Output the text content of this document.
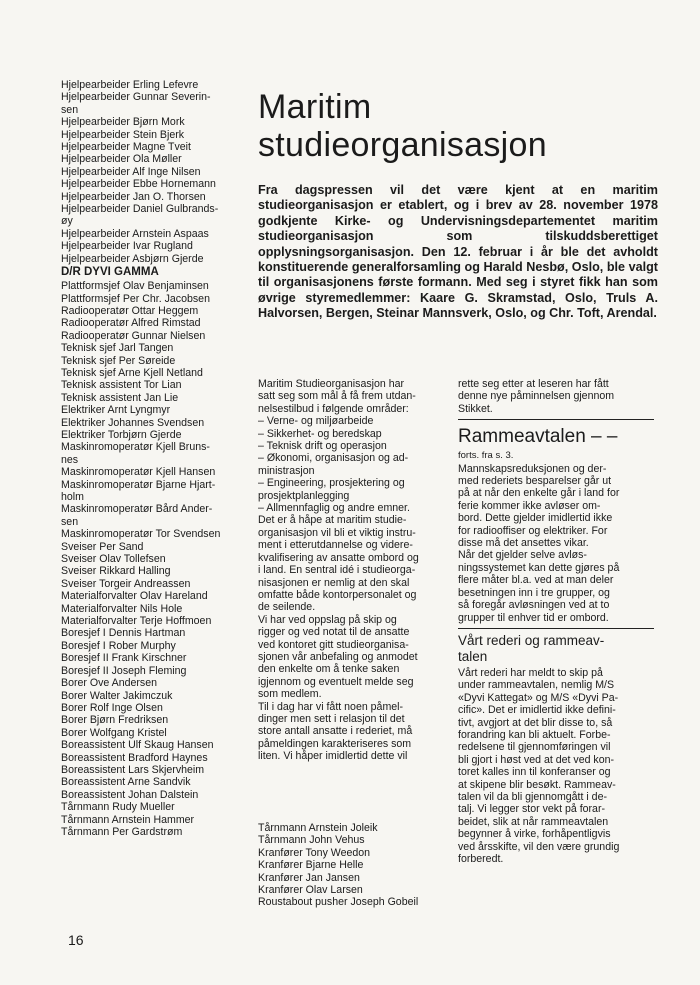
Hjelpearbeider Erling Lefevre
Hjelpearbeider Gunnar Severin-
sen
Hjelpearbeider Bjørn Mork
Hjelpearbeider Stein Bjerk
Hjelpearbeider Magne Tveit
Hjelpearbeider Ola Møller
Hjelpearbeider Alf Inge Nilsen
Hjelpearbeider Ebbe Hornemann
Hjelpearbeider Jan O. Thorsen
Hjelpearbeider Daniel Gulbrands-
øy
Hjelpearbeider Arnstein Aspaas
Hjelpearbeider Ivar Rugland
Hjelpearbeider Asbjørn Gjerde
D/R DYVI GAMMA
Plattformsjef Olav Benjaminsen
Plattformsjef Per Chr. Jacobsen
Radiooperatør Ottar Heggem
Radiooperatør Alfred Rimstad
Radiooperatør Gunnar Nielsen
Teknisk sjef Jarl Tangen
Teknisk sjef Per Søreide
Teknisk sjef Arne Kjell Netland
Teknisk assistent Tor Lian
Teknisk assistent Jan Lie
Elektriker Arnt Lyngmyr
Elektriker Johannes Svendsen
Elektriker Torbjørn Gjerde
Maskinromoperatør Kjell Bruns-
nes
Maskinromoperatør Kjell Hansen
Maskinromoperatør Bjarne Hjart-
holm
Maskinromoperatør Bård Ander-
sen
Maskinromoperatør Tor Svendsen
Sveiser Per Sand
Sveiser Olav Tollefsen
Sveiser Rikkard Halling
Sveiser Torgeir Andreassen
Materialforvalter Olav Hareland
Materialforvalter Nils Hole
Materialforvalter Terje Hoffmoen
Boresjef I Dennis Hartman
Boresjef I Rober Murphy
Boresjef II Frank Kirschner
Boresjef II Joseph Fleming
Borer Ove Andersen
Borer Walter Jakimczuk
Borer Rolf Inge Olsen
Borer Bjørn Fredriksen
Borer Wolfgang Kristel
Boreassistent Ulf Skaug Hansen
Boreassistent Bradford Haynes
Boreassistent Lars Skjervheim
Boreassistent Arne Sandvik
Boreassistent Johan Dalstein
Tårnmann Rudy Mueller
Tårnmann Arnstein Hammer
Tårnmann Per Gardstrøm
Maritim
studieorganisasjon
Fra dagspressen vil det være kjent at en maritim studieorganisasjon er etablert, og i brev av 28. november 1978 godkjente Kirke- og Undervisningsdepartementet maritim studieorganisasjon som tilskuddsberettiget opplysningsorganisasjon. Den 12. februar i år ble det avholdt konstituerende generalforsamling og Harald Nesbø, Oslo, ble valgt til organisasjonens første formann. Med seg i styret fikk han som øvrige styremedlemmer: Kaare G. Skramstad, Oslo, Truls A. Halvorsen, Bergen, Steinar Mannsverk, Oslo, og Chr. Toft, Arendal.
Maritim Studieorganisasjon har
satt seg som mål å få frem utdan-
nelsestilbud i følgende områder:
– Verne- og miljøarbeide
– Sikkerhet- og beredskap
– Teknisk drift og operasjon
– Økonomi, organisasjon og ad-
ministrasjon
– Engineering, prosjektering og
prosjektplanlegging
– Allmennfaglig og andre emner.
Det er å håpe at maritim studie-
organisasjon vil bli et viktig instru-
ment i etterutdannelse og videre-
kvalifisering av ansatte ombord og
i land. En sentral idé i studieorga-
nisasjonen er nemlig at den skal
omfatte både kontorpersonalet og
de seilende.
Vi har ved oppslag på skip og
rigger og ved notat til de ansatte
ved kontoret gitt studieorganisa-
sjonen vår anbefaling og anmodet
den enkelte om å tenke saken
igjennom og eventuelt melde seg
som medlem.
Til i dag har vi fått noen påmel-
dinger men sett i relasjon til det
store antall ansatte i rederiet, må
påmeldingen karakteriseres som
liten. Vi håper imidlertid dette vil
rette seg etter at leseren har fått
denne nye påminnelsen gjennom
Stikket.
Rammeavtalen – –
forts. fra s. 3.
Mannskapsreduksjonen og der-
med rederiets besparelser går ut
på at når den enkelte går i land for
ferie kommer ikke avløser om-
bord. Dette gjelder imidlertid ikke
for radiooffiser og elektriker. For
disse må det ansettes vikar.
Når det gjelder selve avløs-
ningssystemet kan dette gjøres på
flere måter bl.a. ved at man deler
besetningen inn i tre grupper, og
så foregår avløsningen ved at to
grupper til enhver tid er ombord.
Vårt rederi og rammeav-
talen
Vårt rederi har meldt to skip på
under rammeavtalen, nemlig M/S
«Dyvi Kattegat» og M/S «Dyvi Pa-
cific». Det er imidlertid ikke defini-
tivt, avgjort at det blir disse to, så
forandring kan bli aktuelt. Forbe-
redelsene til gjennomføringen vil
bli gjort i høst ved at det ved kon-
toret kalles inn til konferanser og
at skipene blir besøkt. Rammeav-
talen vil da bli gjennomgått i de-
talj. Vi legger stor vekt på forar-
beidet, slik at når rammeavtalen
begynner å virke, forhåpentligvis
ved årsskifte, vil den være grundig
forberedt.
Tårnmann Arnstein Joleik
Tårnmann John Vehus
Kranfører Tony Weedon
Kranfører Bjarne Helle
Kranfører Jan Jansen
Kranfører Olav Larsen
Roustabout pusher Joseph Gobeil
16
